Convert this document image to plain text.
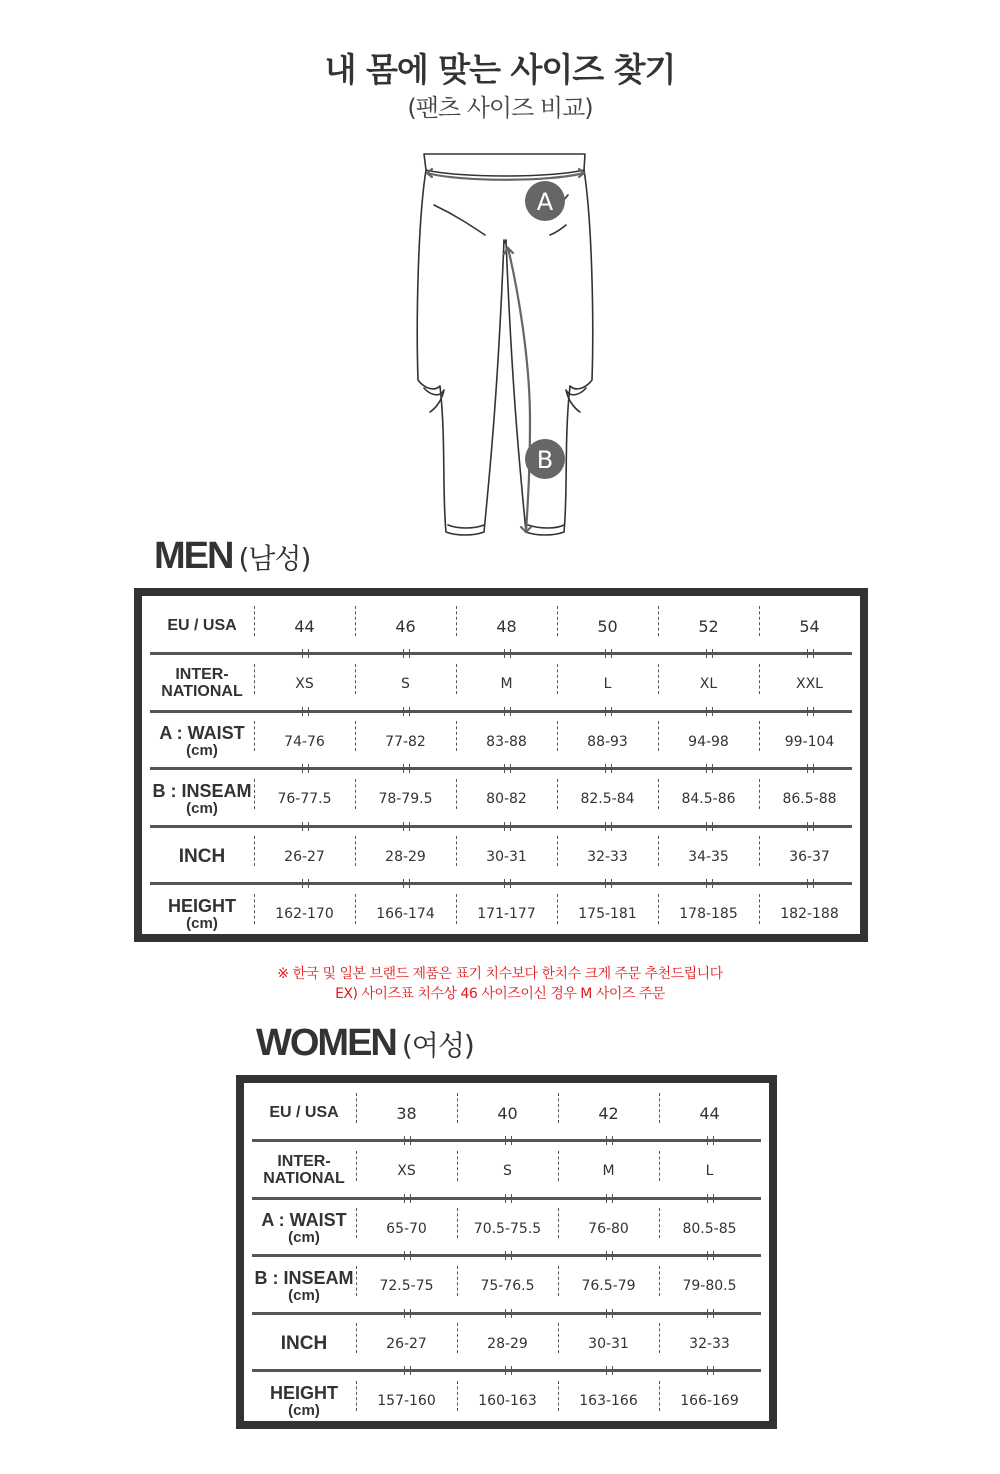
내 몸에 맞는 사이즈 찾기
(팬츠 사이즈 비교)
A
B
MEN (남성)
EU / USA	44	46	48	50	52	54
INTER-
NATIONAL	XS	S	M	L	XL	XXL
A : WAIST
(cm)
74-76	77-82	83-88	88-93	94-98	99-104
B : INSEAM
(cm)
76-77.5	78-79.5	80-82	82.5-84	84.5-86	86.5-88
INCH	26-27	28-29	30-31	32-33	34-35	36-37
HEIGHT
(cm)
162-170	166-174	171-177	175-181	178-185	182-188
※ 한국 및 일본 브랜드 제품은 표기 치수보다 한치수 크게 주문 추천드립니다
EX) 사이즈표 치수상 46 사이즈이신 경우 M 사이즈 주문
WOMEN (여성)
EU / USA	38	40	42	44
INTER-
NATIONAL	XS	S	M	L
A : WAIST
(cm)
65-70	70.5-75.5	76-80	80.5-85
B : INSEAM
(cm)
72.5-75	75-76.5	76.5-79	79-80.5
INCH	26-27	28-29	30-31	32-33
HEIGHT
(cm)
157-160	160-163	163-166	166-169
